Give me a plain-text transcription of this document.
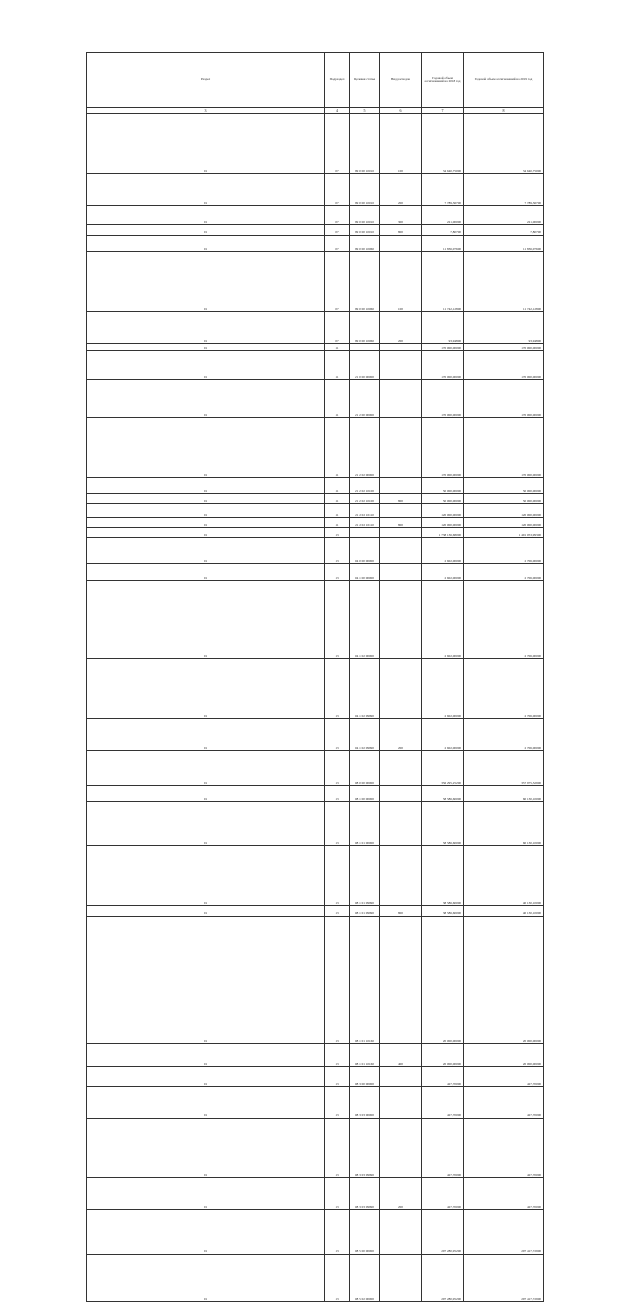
	Раздел	Подраздел	Целевая статья	Вид расходов	Годовой объем ассигнований на 2018 год	Годовой объем ассигнований на 2019 год
	3	4	5	6	7	8
	01	07	99 0 00 10010	100	34 640,75000	34 640,75000
	01	07	99 0 00 10010	200	7 789,36700	7 789,36700
	01	07	99 0 00 10010	300	221,00000	221,00000
	01	07	99 0 00 10010	800	7,80700	7,80700
	01	07	99 0 00 10060		11 836,07600	11 836,07600
	01	07	99 0 00 10060	100	11 742,12800	11 742,12800
	01	07	99 0 00 10060	200	93,94800	93,94800
	01	11			170 000,00000	170 000,00000
	01	11	21 0 00 00000		170 000,00000	170 000,00000
	01	11	21 2 00 00000		170 000,00000	170 000,00000
	01	11	21 2 02 00000		170 000,00000	170 000,00000
	01	11	21 2 02 10100		50 000,00000	50 000,00000
	01	11	21 2 02 10100	800	50 000,00000	50 000,00000
	01	11	21 2 02 10110		120 000,00000	120 000,00000
	01	11	21 2 02 10110	800	120 000,00000	120 000,00000
	01	13			1 738 136,68000	1 491 053,99300
	01	13	04 0 00 00000		2 602,00000	2 706,00000
	01	13	04 1 00 00000		2 602,00000	2 706,00000
	01	13	04 1 02 00000		2 602,00000	2 706,00000
	01	13	04 1 02 09990		2 602,00000	2 706,00000
	01	13	04 1 02 09990	200	2 602,00000	2 706,00000
	01	13	08 0 00 00000		356 295,25200	357 975,32900
	01	13	08 1 00 00000		58 586,60000	60 130,10000
	01	13	08 1 01 00000		58 586,60000	60 130,10000
	01	13	08 1 01 09990		38 586,60000	40 130,10000
	01	13	08 1 01 09990	800	38 586,60000	40 130,10000
	01	13	08 1 01 10160		20 000,00000	20 000,00000
	01	13	08 1 01 10160	400	20 000,00000	20 000,00000
	01	13	08 3 00 00000		427,70000	427,70000
	01	13	08 3 03 00000		427,70000	427,70000
	01	13	08 3 03 09990		427,70000	427,70000
	01	13	08 3 03 09990	200	427,70000	427,70000
	01	13	08 5 00 00000		297 280,95200	297 417,72900
	01	13	08 5 02 00000		297 280,95200	297 417,72900
